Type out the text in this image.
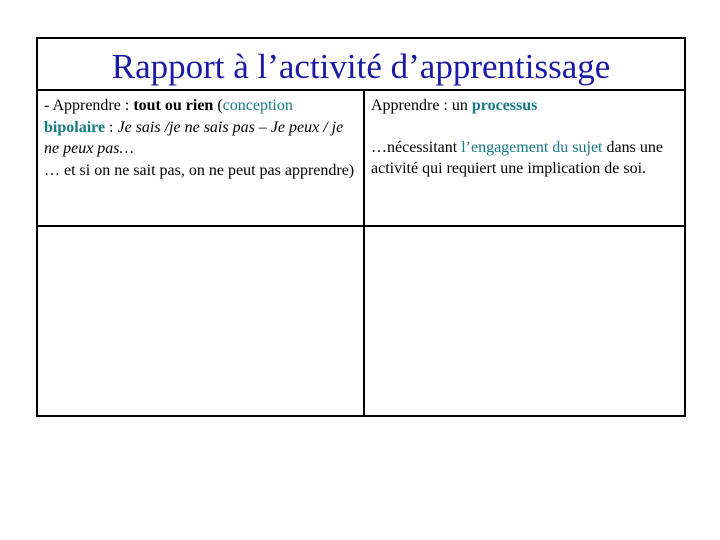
Rapport à l’activité d’apprentissage
- Apprendre : tout ou rien (conception
bipolaire : Je sais /je ne sais pas – Je peux / je ne peux pas…
… et si on ne sait pas, on ne peut pas apprendre)
Apprendre : un processus
…nécessitant l’engagement du sujet dans une activité qui requiert une implication de soi.
